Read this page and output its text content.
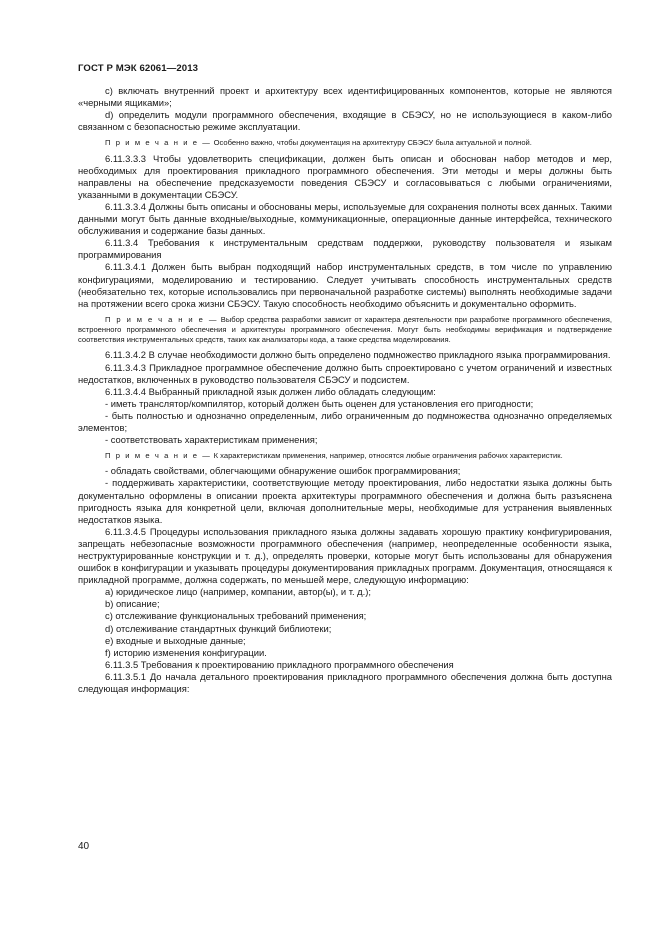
ГОСТ Р МЭК 62061—2013

c) включать внутренний проект и архитектуру всех идентифицированных компонентов, которые не являются «черными ящиками»;

d) определить модули программного обеспечения, входящие в СБЭСУ, но не использующиеся в каком-либо связанном с безопасностью режиме эксплуатации.

П р и м е ч а н и е — Особенно важно, чтобы документация на архитектуру СБЭСУ была актуальной и полной.

6.11.3.3.3 Чтобы удовлетворить спецификации, должен быть описан и обоснован набор методов и мер, необходимых для проектирования прикладного программного обеспечения. Эти методы и меры должны быть направлены на обеспечение предсказуемости поведения СБЭСУ и согласовываться с любыми ограничениями, указанными в документации СБЭСУ.

6.11.3.3.4 Должны быть описаны и обоснованы меры, используемые для сохранения полноты всех данных. Такими данными могут быть данные входные/выходные, коммуникационные, операционные данные интерфейса, технического обслуживания и содержание базы данных.

6.11.3.4 Требования к инструментальным средствам поддержки, руководству пользователя и языкам программирования

6.11.3.4.1 Должен быть выбран подходящий набор инструментальных средств, в том числе по управлению конфигурациями, моделированию и тестированию. Следует учитывать способность инструментальных средств (необязательно тех, которые использовались при первоначальной разработке системы) выполнять необходимые задачи на протяжении всего срока жизни СБЭСУ. Такую способность необходимо объяснить и документально оформить.

П р и м е ч а н и е — Выбор средства разработки зависит от характера деятельности при разработке программного обеспечения, встроенного программного обеспечения и архитектуры программного обеспечения. Могут быть необходимы верификация и подтверждение соответствия инструментальных средств, таких как анализаторы кода, а также средства моделирования.

6.11.3.4.2 В случае необходимости должно быть определено подмножество прикладного языка программирования.

6.11.3.4.3 Прикладное программное обеспечение должно быть спроектировано с учетом ограничений и известных недостатков, включенных в руководство пользователя СБЭСУ и подсистем.

6.11.3.4.4 Выбранный прикладной язык должен либо обладать следующим:

- иметь транслятор/компилятор, который должен быть оценен для установления его пригодности;

- быть полностью и однозначно определенным, либо ограниченным до подмножества однозначно определяемых элементов;

- соответствовать характеристикам применения;

П р и м е ч а н и е — К характеристикам применения, например, относятся любые ограничения рабочих характеристик.

- обладать свойствами, облегчающими обнаружение ошибок программирования;

- поддерживать характеристики, соответствующие методу проектирования, либо недостатки языка должны быть документально оформлены в описании проекта архитектуры программного обеспечения и должна быть разъяснена пригодность языка для конкретной цели, включая дополнительные меры, необходимые для устранения выявленных недостатков языка.

6.11.3.4.5 Процедуры использования прикладного языка должны задавать хорошую практику конфигурирования, запрещать небезопасные возможности программного обеспечения (например, неопределенные особенности языка, неструктурированные конструкции и т. д.), определять проверки, которые могут быть использованы для обнаружения ошибок в конфигурации и указывать процедуры документирования прикладных программ. Документация, относящаяся к прикладной программе, должна содержать, по меньшей мере, следующую информацию:

a) юридическое лицо (например, компании, автор(ы), и т. д.);

b) описание;

c) отслеживание функциональных требований применения;

d) отслеживание стандартных функций библиотеки;

e) входные и выходные данные;

f) историю изменения конфигурации.

6.11.3.5 Требования к проектированию прикладного программного обеспечения

6.11.3.5.1 До начала детального проектирования прикладного программного обеспечения должна быть доступна следующая информация:

40
